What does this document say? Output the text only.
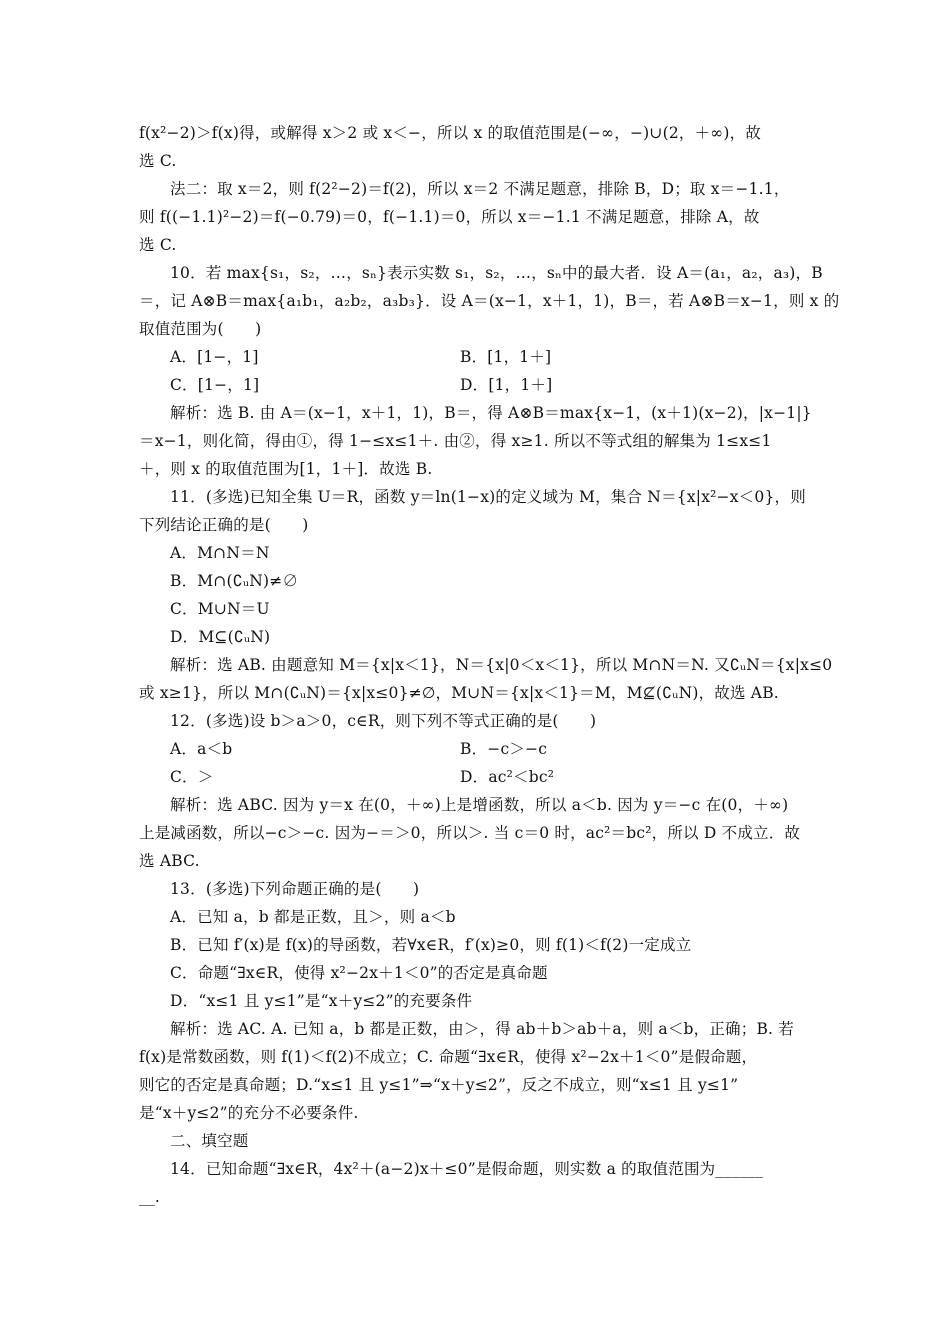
f(x²−2)＞f(x)得，或解得 x＞2 或 x＜−，所以 x 的取值范围是(−∞，−)∪(2，＋∞)，故
选 C.
法二：取 x＝2，则 f(2²−2)＝f(2)，所以 x＝2 不满足题意，排除 B，D；取 x＝−1.1，
则 f((−1.1)²−2)＝f(−0.79)＝0，f(−1.1)＝0，所以 x＝−1.1 不满足题意，排除 A，故
选 C.
10．若 max{s₁，s₂，…，sₙ}表示实数 s₁，s₂，…，sₙ中的最大者．设 A＝(a₁，a₂，a₃)，B
＝，记 A⊗B＝max{a₁b₁，a₂b₂，a₃b₃}．设 A＝(x−1，x＋1，1)，B＝，若 A⊗B＝x−1，则 x 的
取值范围为(　　)
A．[1−，1]	B．[1，1＋]
C．[1−，1]	D．[1，1＋]
解析：选 B. 由 A＝(x−1，x＋1，1)，B＝，得 A⊗B＝max{x−1，(x＋1)(x−2)，|x−1|}
＝x−1，则化简，得由①，得 1−≤x≤1＋. 由②，得 x≥1. 所以不等式组的解集为 1≤x≤1
＋，则 x 的取值范围为[1，1＋]．故选 B.
11．(多选)已知全集 U＝R，函数 y＝ln(1−x)的定义域为 M，集合 N＝{x|x²−x＜0}，则
下列结论正确的是(　　)
A．M∩N＝N
B．M∩(∁ᵤN)≠∅
C．M∪N＝U
D．M⊆(∁ᵤN)
解析：选 AB. 由题意知 M＝{x|x＜1}，N＝{x|0＜x＜1}，所以 M∩N＝N. 又∁ᵤN＝{x|x≤0
或 x≥1}，所以 M∩(∁ᵤN)＝{x|x≤0}≠∅，M∪N＝{x|x＜1}＝M，M⊈(∁ᵤN)，故选 AB.
12．(多选)设 b＞a＞0，c∈R，则下列不等式正确的是(　　)
A．a＜b	B．−c＞−c
C．＞	D．ac²＜bc²
解析：选 ABC. 因为 y＝x 在(0，＋∞)上是增函数，所以 a＜b. 因为 y＝−c 在(0，＋∞)
上是减函数，所以−c＞−c. 因为−＝＞0，所以＞. 当 c＝0 时，ac²＝bc²，所以 D 不成立．故
选 ABC.
13．(多选)下列命题正确的是(　　)
A．已知 a，b 都是正数，且＞，则 a＜b
B．已知 f′(x)是 f(x)的导函数，若∀x∈R，f′(x)≥0，则 f(1)＜f(2)一定成立
C．命题“∃x∈R，使得 x²−2x＋1＜0”的否定是真命题
D．“x≤1 且 y≤1”是“x＋y≤2”的充要条件
解析：选 AC. A. 已知 a，b 都是正数，由＞，得 ab＋b＞ab＋a，则 a＜b，正确；B. 若
f(x)是常数函数，则 f(1)＜f(2)不成立；C. 命题“∃x∈R，使得 x²−2x＋1＜0”是假命题，
则它的否定是真命题；D.“x≤1 且 y≤1”⇒“x＋y≤2”，反之不成立，则“x≤1 且 y≤1”
是“x＋y≤2”的充分不必要条件.
二、填空题
14．已知命题“∃x∈R，4x²＋(a−2)x＋≤0”是假命题，则实数 a 的取值范围为______
__.
